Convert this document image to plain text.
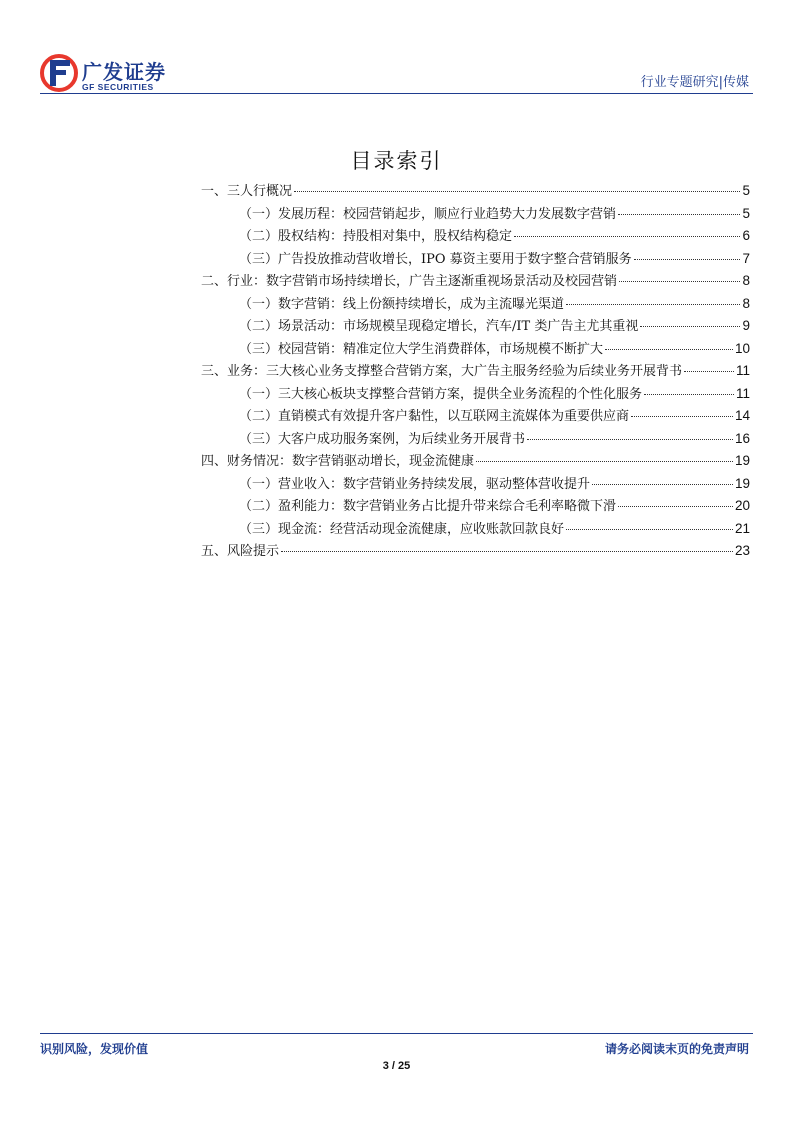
广发证券
GF SECURITIES	行业专题研究|传媒
目录索引
一、三人行概况	5
（一）发展历程：校园营销起步，顺应行业趋势大力发展数字营销	5
（二）股权结构：持股相对集中，股权结构稳定	6
（三）广告投放推动营收增长，IPO 募资主要用于数字整合营销服务	7
二、行业：数字营销市场持续增长，广告主逐渐重视场景活动及校园营销	8
（一）数字营销：线上份额持续增长，成为主流曝光渠道	8
（二）场景活动：市场规模呈现稳定增长，汽车/IT 类广告主尤其重视	9
（三）校园营销：精准定位大学生消费群体，市场规模不断扩大	10
三、业务：三大核心业务支撑整合营销方案，大广告主服务经验为后续业务开展背书	11
（一）三大核心板块支撑整合营销方案，提供全业务流程的个性化服务	11
（二）直销模式有效提升客户黏性，以互联网主流媒体为重要供应商	14
（三）大客户成功服务案例，为后续业务开展背书	16
四、财务情况：数字营销驱动增长，现金流健康	19
（一）营业收入：数字营销业务持续发展，驱动整体营收提升	19
（二）盈利能力：数字营销业务占比提升带来综合毛利率略微下滑	20
（三）现金流：经营活动现金流健康，应收账款回款良好	21
五、风险提示	23
识别风险，发现价值	请务必阅读末页的免责声明
3 / 25
